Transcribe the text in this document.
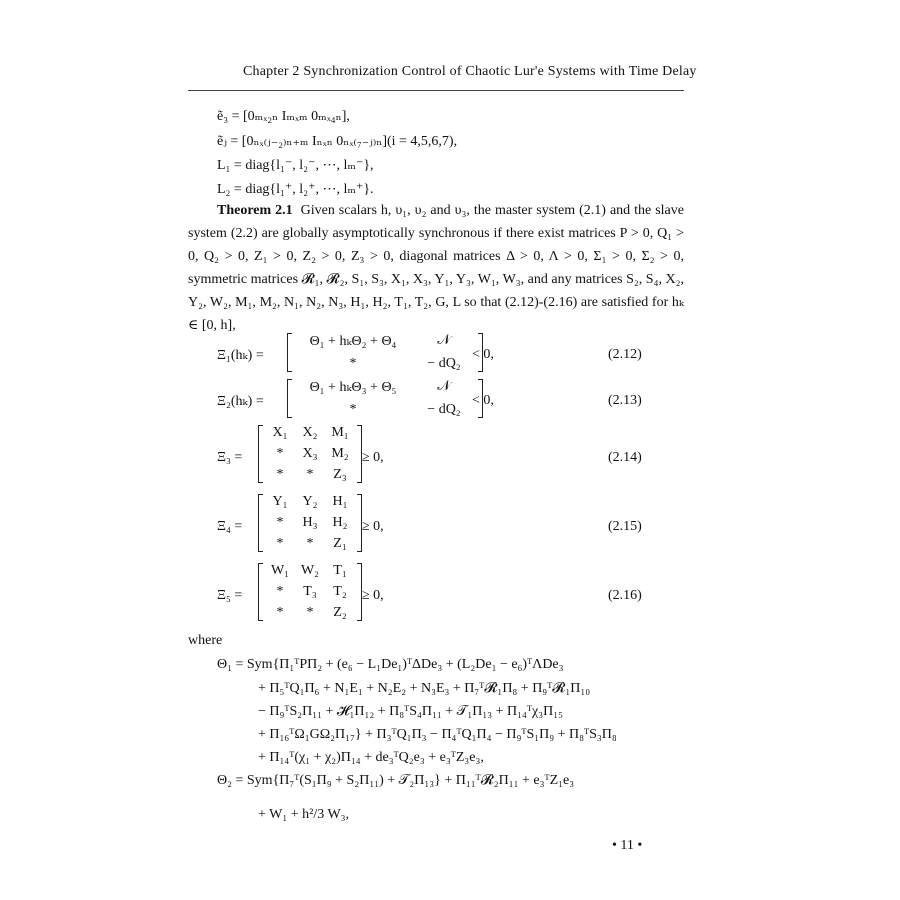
Chapter 2 Synchronization Control of Chaotic Lur'e Systems with Time Delay
ẽ₃ = [0ₘₓ₂ₙ Iₘₓₘ 0ₘₓ₄ₙ],
ẽⱼ = [0ₙₓ₍ⱼ₋₂₎ₙ₊ₘ Iₙₓₙ 0ₙₓ₍₇₋ⱼ₎ₙ](i = 4,5,6,7),
L₁ = diag{l₁⁻, l₂⁻, ⋯, lₘ⁻},
L₂ = diag{l₁⁺, l₂⁺, ⋯, lₘ⁺}.
Theorem 2.1 Given scalars h, υ₁, υ₂ and υ₃, the master system (2.1) and the slave system (2.2) are globally asymptotically synchronous if there exist matrices P > 0, Q₁ > 0, Q₂ > 0, Z₁ > 0, Z₂ > 0, Z₃ > 0, diagonal matrices Δ > 0, Λ > 0, Σ₁ > 0, Σ₂ > 0, symmetric matrices 𝓡₁, 𝓡₂, S₁, S₃, X₁, X₃, Y₁, Y₃, W₁, W₃, and any matrices S₂, S₄, X₂, Y₂, W₂, M₁, M₂, N₁, N₂, N₃, H₁, H₂, T₁, T₂, G, L so that (2.12)-(2.16) are satisfied for hₖ ∈ [0, h],
Ξ₁(hₖ) =
Θ₁ + hₖΘ₂ + Θ₄	𝒩
*	− dQ₂
< 0,	(2.12)
Ξ₂(hₖ) =
Θ₁ + hₖΘ₃ + Θ₅	𝒩
*	− dQ₂
< 0,	(2.13)
Ξ₃ =
X₁	X₂ M₁
*	X₃ M₂
*	*	Z₃
≥ 0,	(2.14)
Ξ₄ =
Y₁	Y₂	H₁
*	H₃	H₂
*	*	Z₁
≥ 0,	(2.15)
Ξ₅ =
W₁ W₂	T₁
*	T₃	T₂
*	*	Z₂
≥ 0,	(2.16)
where
Θ₁ = Sym{Π₁ᵀPΠ₂ + (e₆ − L₁De₁)ᵀΔDe₃ + (L₂De₁ − e₆)ᵀΛDe₃
+ Π₅ᵀQ₁Π₆ + N₁E₁ + N₂E₂ + N₃E₃ + Π₇ᵀ𝓡₁Π₈ + Π₉ᵀ𝓡₁Π₁₀
− Π₉ᵀS₂Π₁₁ + 𝓗₁Π₁₂ + Π₈ᵀS₄Π₁₁ + 𝒯₁Π₁₃ + Π₁₄ᵀχ₃Π₁₅
+ Π₁₆ᵀΩ₁GΩ₂Π₁₇} + Π₃ᵀQ₁Π₃ − Π₄ᵀQ₁Π₄ − Π₉ᵀS₁Π₉ + Π₈ᵀS₃Π₈
+ Π₁₄ᵀ(χ₁ + χ₂)Π₁₄ + de₃ᵀQ₂e₃ + e₃ᵀZ₃e₃,
Θ₂ = Sym{Π₇ᵀ(S₁Π₉ + S₂Π₁₁) + 𝒯₂Π₁₃} + Π₁₁ᵀ𝓡₂Π₁₁ + e₃ᵀZ₁e₃
+ W₁ + h²/3 W₃,
• 11 •
